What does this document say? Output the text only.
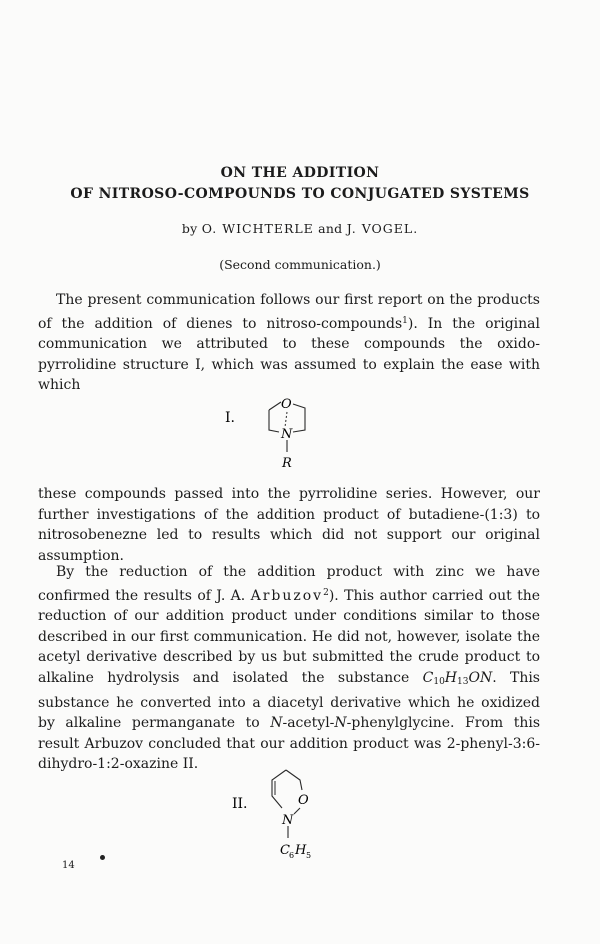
ON THE ADDITION
OF NITROSO-COMPOUNDS TO CONJUGATED SYSTEMS
by O. WICHTERLE and J. VOGEL.
(Second communication.)

The present communication follows our first report on the products of the addition of dienes to nitroso-compounds$^1$). In the original communication we attributed to these compounds the oxido-pyrrolidine structure I, which was assumed to explain the ease with which

I.
O
N
R

these compounds passed into the pyrrolidine series. However, our further investigations of the addition product of butadiene-(1:3) to nitrosobenezne led to results which did not support our original assumption.

By the reduction of the addition product with zinc we have confirmed the results of J. A. Arbuzov$^2$). This author carried out the reduction of our addition product under conditions similar to those described in our first communication. He did not, however, isolate the acetyl derivative described by us but submitted the crude product to alkaline hydrolysis and isolated the substance $C_{10}H_{13}ON$. This substance he converted into a diacetyl derivative which he oxidized by alkaline permanganate to N-acetyl-N-phenylglycine. From this result Arbuzov concluded that our addition product was 2-phenyl-3:6-dihydro-1:2-oxazine II.

II.	O
N
C 6 H 5
14
